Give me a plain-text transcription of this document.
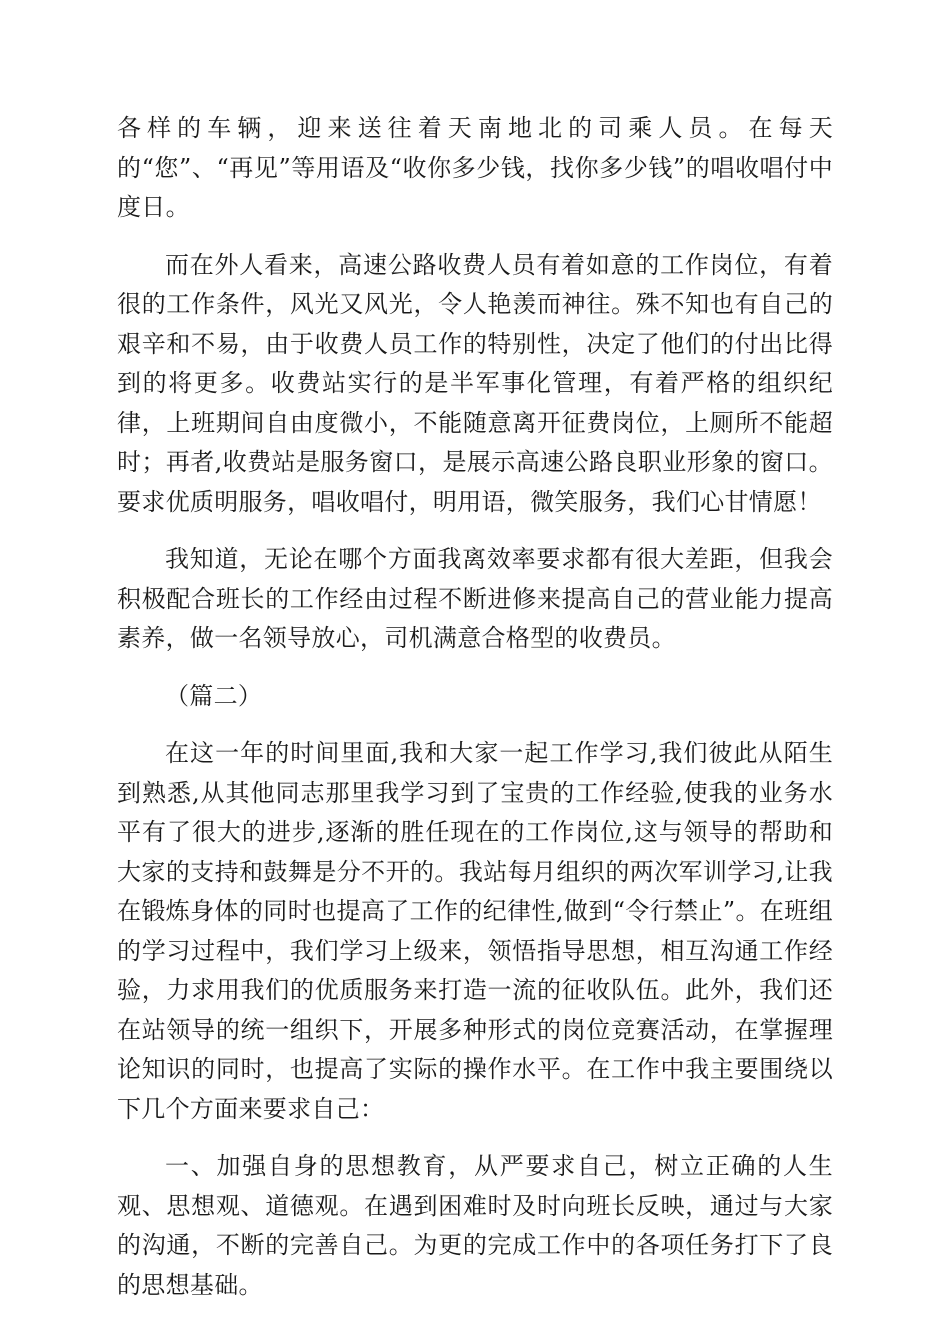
各样的车辆，迎来送往着天南地北的司乘人员。在每天的“您”、“再见”等用语及“收你多少钱，找你多少钱”的唱收唱付中度日。

而在外人看来，高速公路收费人员有着如意的工作岗位，有着很的工作条件，风光又风光，令人艳羡而神往。殊不知也有自己的艰辛和不易，由于收费人员工作的特别性，决定了他们的付出比得到的将更多。收费站实行的是半军事化管理，有着严格的组织纪律，上班期间自由度微小，不能随意离开征费岗位，上厕所不能超时；再者,收费站是服务窗口，是展示高速公路良职业形象的窗口。要求优质明服务，唱收唱付，明用语，微笑服务，我们心甘情愿！

我知道，无论在哪个方面我离效率要求都有很大差距，但我会积极配合班长的工作经由过程不断进修来提高自己的营业能力提高素养，做一名领导放心，司机满意合格型的收费员。

（篇二）

在这一年的时间里面,我和大家一起工作学习,我们彼此从陌生到熟悉,从其他同志那里我学习到了宝贵的工作经验,使我的业务水平有了很大的进步,逐渐的胜任现在的工作岗位,这与领导的帮助和大家的支持和鼓舞是分不开的。我站每月组织的两次军训学习,让我在锻炼身体的同时也提高了工作的纪律性,做到“令行禁止”。在班组的学习过程中，我们学习上级来，领悟指导思想，相互沟通工作经验，力求用我们的优质服务来打造一流的征收队伍。此外，我们还在站领导的统一组织下，开展多种形式的岗位竞赛活动，在掌握理论知识的同时，也提高了实际的操作水平。在工作中我主要围绕以下几个方面来要求自己：

一、加强自身的思想教育，从严要求自己，树立正确的人生观、思想观、道德观。在遇到困难时及时向班长反映，通过与大家的沟通，不断的完善自己。为更的完成工作中的各项任务打下了良的思想基础。
